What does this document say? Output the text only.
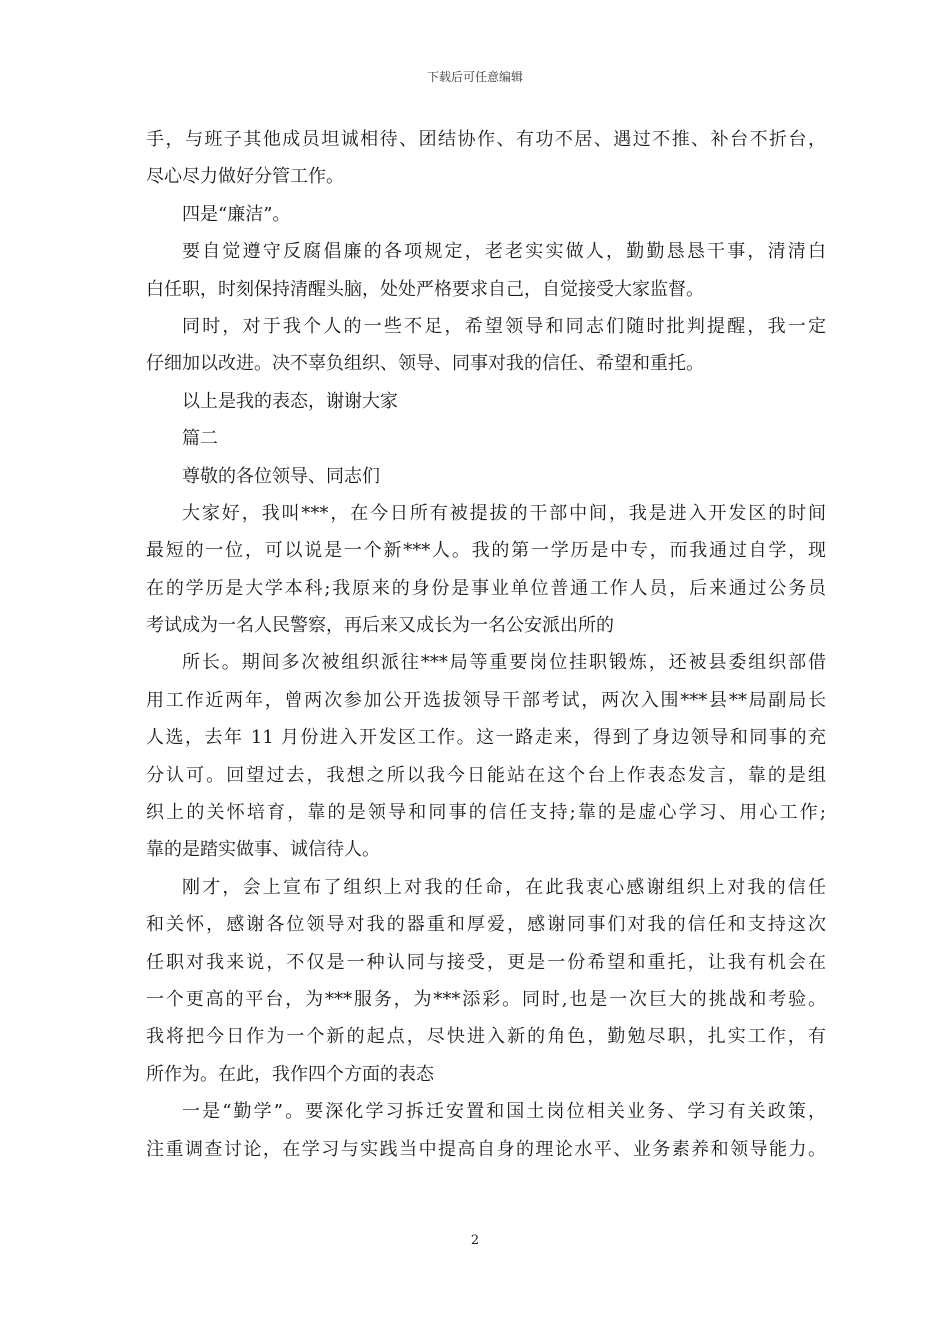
下载后可任意编辑
手，与班子其他成员坦诚相待、团结协作、有功不居、遇过不推、补台不折台，
尽心尽力做好分管工作。
四是“廉洁”。
要自觉遵守反腐倡廉的各项规定，老老实实做人，勤勤恳恳干事，清清白
白任职，时刻保持清醒头脑，处处严格要求自己，自觉接受大家监督。
同时，对于我个人的一些不足，希望领导和同志们随时批判提醒，我一定
仔细加以改进。决不辜负组织、领导、同事对我的信任、希望和重托。
以上是我的表态，谢谢大家
篇二
尊敬的各位领导、同志们
大家好，我叫***，在今日所有被提拔的干部中间，我是进入开发区的时间
最短的一位，可以说是一个新***人。我的第一学历是中专，而我通过自学，现
在的学历是大学本科;我原来的身份是事业单位普通工作人员，后来通过公务员
考试成为一名人民警察，再后来又成长为一名公安派出所的
所长。期间多次被组织派往***局等重要岗位挂职锻炼，还被县委组织部借
用工作近两年，曾两次参加公开选拔领导干部考试，两次入围***县**局副局长
人选，去年 11 月份进入开发区工作。这一路走来，得到了身边领导和同事的充
分认可。回望过去，我想之所以我今日能站在这个台上作表态发言，靠的是组
织上的关怀培育，靠的是领导和同事的信任支持;靠的是虚心学习、用心工作;
靠的是踏实做事、诚信待人。
刚才，会上宣布了组织上对我的任命，在此我衷心感谢组织上对我的信任
和关怀，感谢各位领导对我的器重和厚爱，感谢同事们对我的信任和支持这次
任职对我来说，不仅是一种认同与接受，更是一份希望和重托，让我有机会在
一个更高的平台，为***服务，为***添彩。同时,也是一次巨大的挑战和考验。
我将把今日作为一个新的起点，尽快进入新的角色，勤勉尽职，扎实工作，有
所作为。在此，我作四个方面的表态
一是“勤学”。要深化学习拆迁安置和国土岗位相关业务、学习有关政策，
注重调查讨论，在学习与实践当中提高自身的理论水平、业务素养和领导能力。
2
